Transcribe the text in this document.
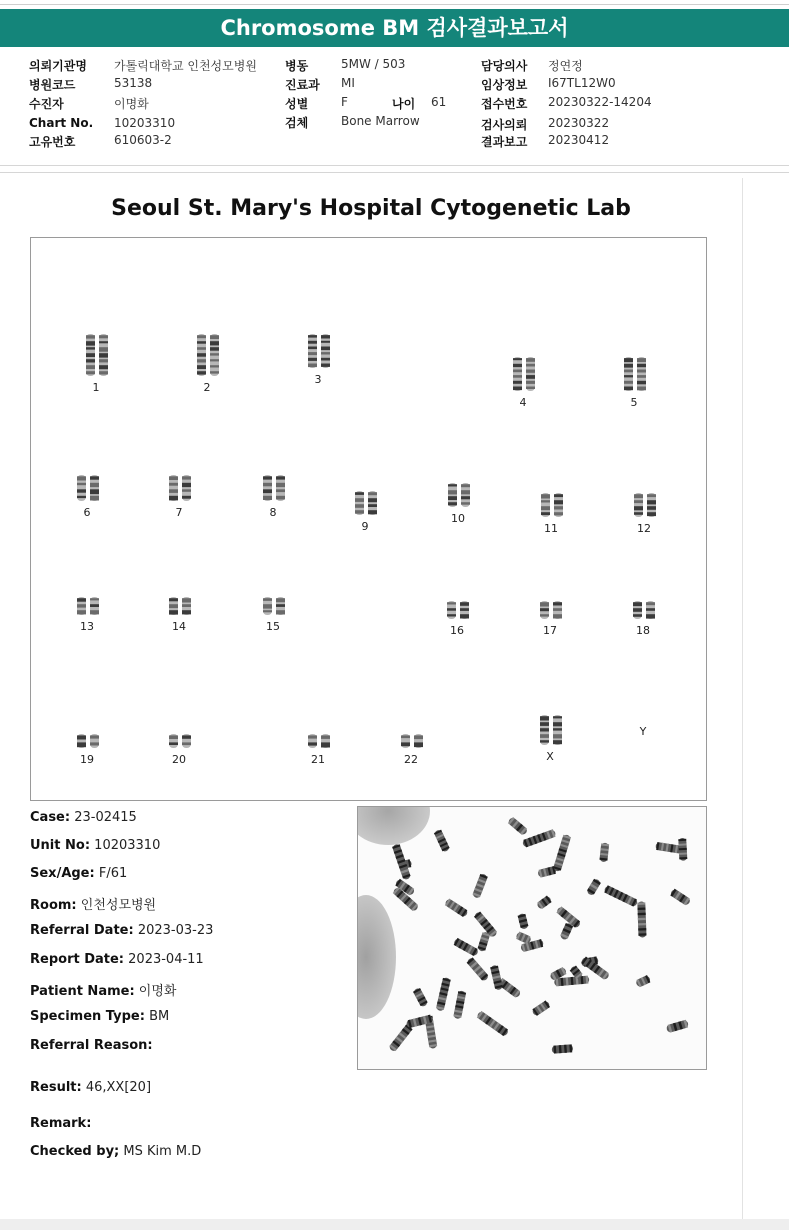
Chromosome BM 검사결과보고서
의뢰기관명 가톨릭대학교 인천성모병원
병원코드	53138
수진자	이명화
Chart No. 10203310
고유번호	610603-2
병동	5MW / 503
진료과 MI
성별	F	나이 61
검체	Bone Marrow
담당의사 정연정
임상정보 I67TL12W0
접수번호 20230322-14204
검사의뢰 20230322
결과보고 20230412
Seoul St. Mary's Hospital Cytogenetic Lab
1	2
3
4	5
6	7	8
9
10
11	12
13	14	15	16	17	18
19	20	21	22	X
Y
Case: 23-02415
Unit No: 10203310
Sex/Age: F/61
Room: 인천성모병원
Referral Date: 2023-03-23
Report Date: 2023-04-11
Patient Name: 이명화
Specimen Type: BM
Referral Reason:
Result: 46,XX[20]
Remark:
Checked by; MS Kim M.D
